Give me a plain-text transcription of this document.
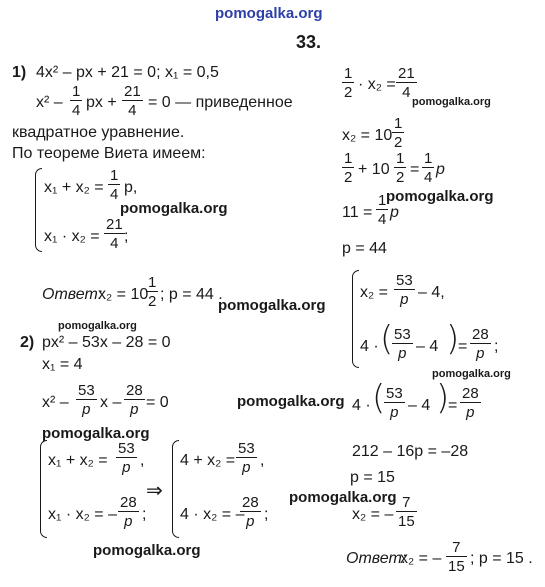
pomogalka.org
pomogalka.org
pomogalka.org
pomogalka.org
pomogalka.org
pomogalka.org
pomogalka.org
pomogalka.org
pomogalka.org
pomogalka.org
pomogalka.org
33.
1) 4x² – px + 21 = 0; x₁ = 0,5
$x^2 - \frac{1}{4}$ px + $\frac{21}{4} = 0$ — приведенное
квадратное уравнение.
По теореме Виета имеем:
$x_1 + x_2 = \frac{1}{4} p$,
$x_1 \cdot x_2 = \frac{21}{4}$ ;
Ответ:
x₂ = 10
$\frac{1}{2}$ ; p = 44 .
$\frac{1}{2} \cdot x_2 = \frac{21}{4}$
$x_2 = 10 \frac{1}{2}$
$\frac{1}{2} + 10 \frac{1}{2} = \frac{1}{4}$ p
$11 = \frac{1}{4}$ p
p = 44
2) px² – 53x – 28 = 0
x₁ = 4
$x^2 - \frac{53}{p}$ $x - \frac{28}{p} = 0$
$x_1 + x_2 = \frac{53}{p}$ ,
x₁ · x₂ = – $\frac{28}{p}$ ;
⇒
$4 + x_2 = \frac{53}{p}$ ,
4 · x₂ = –
$\frac{28}{p}$ ;
$x_2 = \frac{53}{p} - 4$,
4 · (
$\frac{53}{p} - 4$ )
= $\frac{28}{p}$ ;
4 · (
$\frac{53}{p} - 4$ )
= $\frac{28}{p}$
212 – 16p = –28
p = 15
x₂ = – $\frac{7}{15}$
Ответ:
x₂ = – $\frac{7}{15}$ ; p = 15 .
